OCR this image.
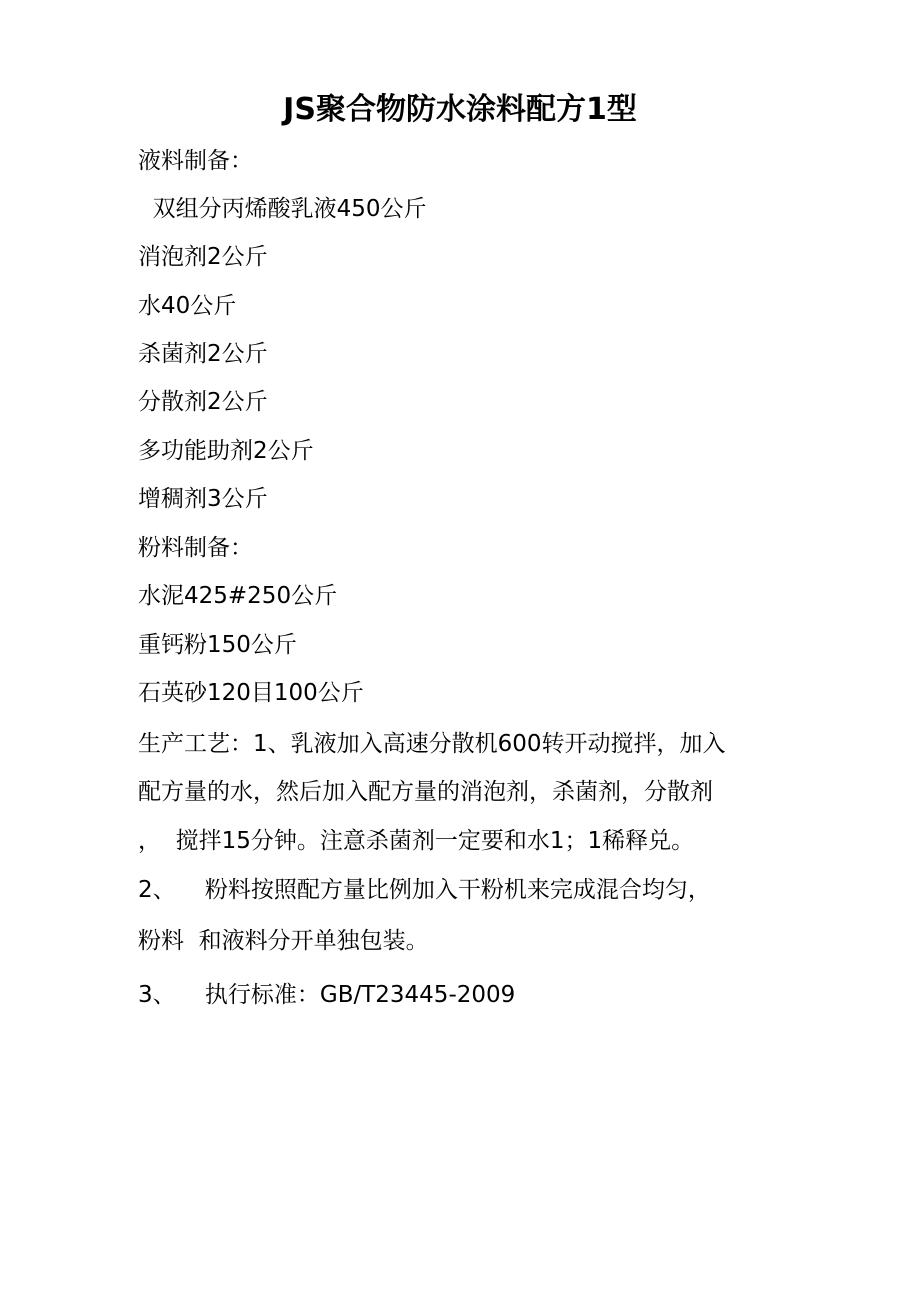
JS聚合物防水涂料配方1型
液料制备：
双组分丙烯酸乳液450公斤
消泡剂2公斤
水40公斤
杀菌剂2公斤
分散剂2公斤
多功能助剂2公斤
增稠剂3公斤
粉料制备：
水泥425#250公斤
重钙粉150公斤
石英砂120目100公斤
生产工艺：1、乳液加入高速分散机600转开动搅拌，加入
配方量的水，然后加入配方量的消泡剂，杀菌剂，分散剂
，  搅拌15分钟。注意杀菌剂一定要和水1；1稀释兑。
2、    粉料按照配方量比例加入干粉机来完成混合均匀，
粉料  和液料分开单独包装。
3、    执行标准：GB/T23445-2009
